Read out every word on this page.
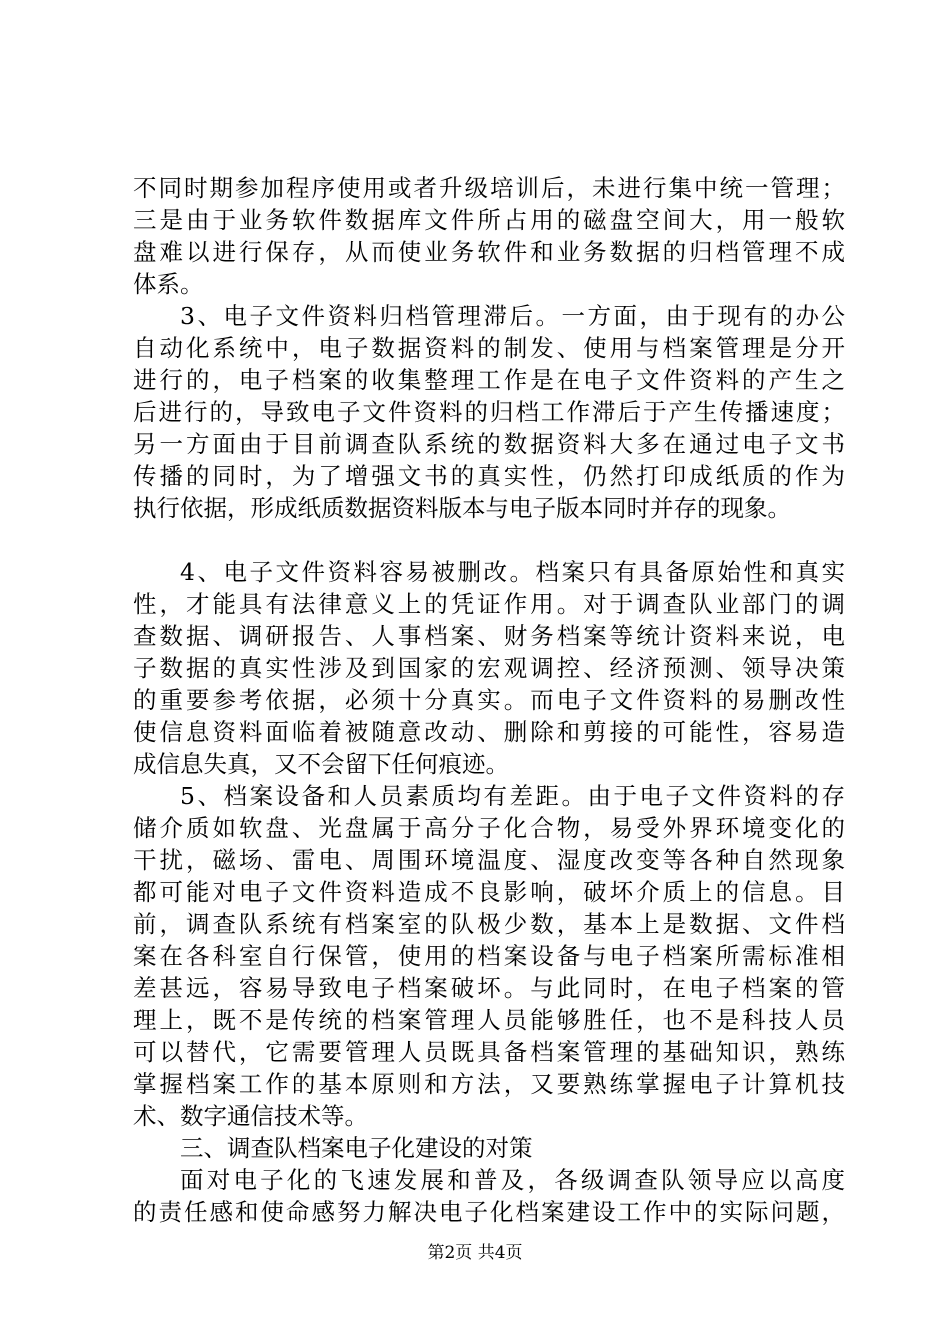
不同时期参加程序使用或者升级培训后，未进行集中统一管理；
三是由于业务软件数据库文件所占用的磁盘空间大，用一般软
盘难以进行保存，从而使业务软件和业务数据的归档管理不成
体系。
3、电子文件资料归档管理滞后。一方面，由于现有的办公
自动化系统中，电子数据资料的制发、使用与档案管理是分开
进行的，电子档案的收集整理工作是在电子文件资料的产生之
后进行的，导致电子文件资料的归档工作滞后于产生传播速度；
另一方面由于目前调查队系统的数据资料大多在通过电子文书
传播的同时，为了增强文书的真实性，仍然打印成纸质的作为
执行依据，形成纸质数据资料版本与电子版本同时并存的现象。
4、电子文件资料容易被删改。档案只有具备原始性和真实
性，才能具有法律意义上的凭证作用。对于调查队业部门的调
查数据、调研报告、人事档案、财务档案等统计资料来说，电
子数据的真实性涉及到国家的宏观调控、经济预测、领导决策
的重要参考依据，必须十分真实。而电子文件资料的易删改性
使信息资料面临着被随意改动、删除和剪接的可能性，容易造
成信息失真，又不会留下任何痕迹。
5、档案设备和人员素质均有差距。由于电子文件资料的存
储介质如软盘、光盘属于高分子化合物，易受外界环境变化的
干扰，磁场、雷电、周围环境温度、湿度改变等各种自然现象
都可能对电子文件资料造成不良影响，破坏介质上的信息。目
前，调查队系统有档案室的队极少数，基本上是数据、文件档
案在各科室自行保管，使用的档案设备与电子档案所需标准相
差甚远，容易导致电子档案破坏。与此同时，在电子档案的管
理上，既不是传统的档案管理人员能够胜任，也不是科技人员
可以替代，它需要管理人员既具备档案管理的基础知识，熟练
掌握档案工作的基本原则和方法，又要熟练掌握电子计算机技
术、数字通信技术等。
三、调查队档案电子化建设的对策
面对电子化的飞速发展和普及，各级调查队领导应以高度
的责任感和使命感努力解决电子化档案建设工作中的实际问题，
第2页 共4页
